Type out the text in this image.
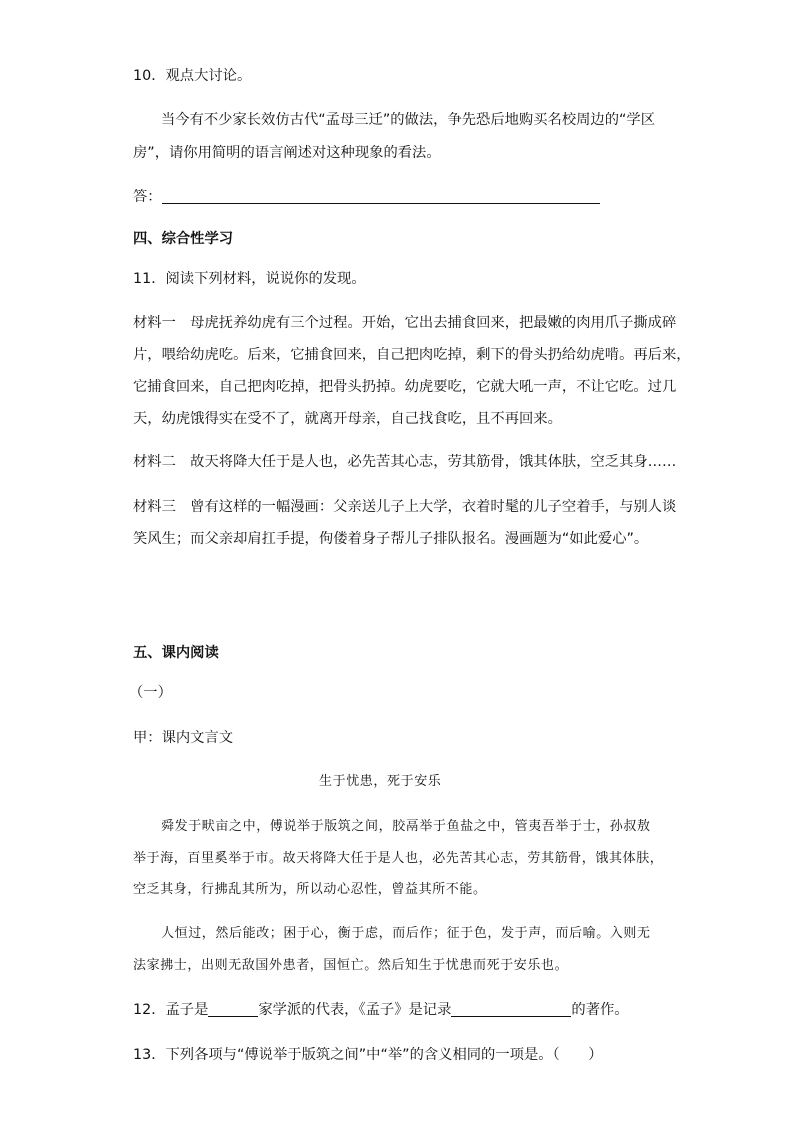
10．观点大讨论。
当今有不少家长效仿古代“孟母三迁”的做法，争先恐后地购买名校周边的“学区
房”，请你用简明的语言阐述对这种现象的看法。
答：
四、综合性学习
11．阅读下列材料，说说你的发现。
材料一　母虎抚养幼虎有三个过程。开始，它出去捕食回来，把最嫩的肉用爪子撕成碎
片，喂给幼虎吃。后来，它捕食回来，自己把肉吃掉，剩下的骨头扔给幼虎啃。再后来，
它捕食回来，自己把肉吃掉，把骨头扔掉。幼虎要吃，它就大吼一声，不让它吃。过几
天，幼虎饿得实在受不了，就离开母亲，自己找食吃，且不再回来。
材料二　故天将降大任于是人也，必先苦其心志，劳其筋骨，饿其体肤，空乏其身……
材料三　曾有这样的一幅漫画：父亲送儿子上大学，衣着时髦的儿子空着手，与别人谈
笑风生；而父亲却肩扛手提，佝偻着身子帮儿子排队报名。漫画题为“如此爱心”。
五、课内阅读
（一）
甲：课内文言文
生于忧患，死于安乐
舜发于畎亩之中，傅说举于版筑之间，胶鬲举于鱼盐之中，管夷吾举于士，孙叔敖
举于海，百里奚举于市。故天将降大任于是人也，必先苦其心志，劳其筋骨，饿其体肤，
空乏其身，行拂乱其所为，所以动心忍性，曾益其所不能。
人恒过，然后能改；困于心，衡于虑，而后作；征于色，发于声，而后喻。入则无
法家拂士，出则无敌国外患者，国恒亡。然后知生于忧患而死于安乐也。
12．孟子是	家学派的代表，《孟子》是记录	的著作。
13．下列各项与“傅说举于版筑之间”中“举”的含义相同的一项是。（　　）
